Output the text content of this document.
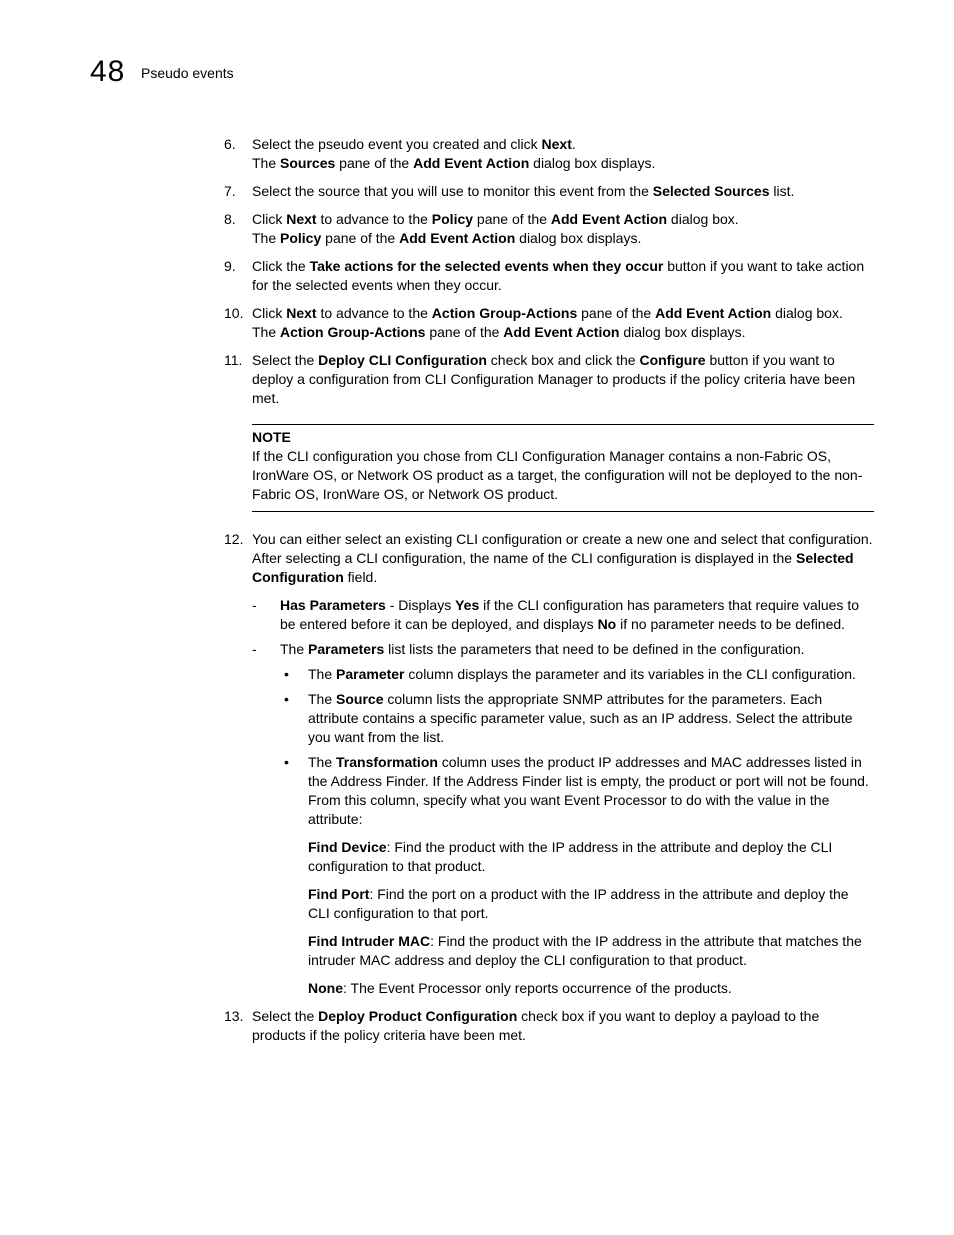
48 Pseudo events
6. Select the pseudo event you created and click Next.

The Sources pane of the Add Event Action dialog box displays.

7. Select the source that you will use to monitor this event from the Selected Sources list.

8. Click Next to advance to the Policy pane of the Add Event Action dialog box.

The Policy pane of the Add Event Action dialog box displays.

9. Click the Take actions for the selected events when they occur button if you want to take action for the selected events when they occur.

10. Click Next to advance to the Action Group-Actions pane of the Add Event Action dialog box.

The Action Group-Actions pane of the Add Event Action dialog box displays.

11. Select the Deploy CLI Configuration check box and click the Configure button if you want to deploy a configuration from CLI Configuration Manager to products if the policy criteria have been met.

NOTE
If the CLI configuration you chose from CLI Configuration Manager contains a non-Fabric OS, IronWare OS, or Network OS product as a target, the configuration will not be deployed to the non-Fabric OS, IronWare OS, or Network OS product.
12. You can either select an existing CLI configuration or create a new one and select that configuration. After selecting a CLI configuration, the name of the CLI configuration is displayed in the Selected Configuration field.

- Has Parameters - Displays Yes if the CLI configuration has parameters that require values to be entered before it can be deployed, and displays No if no parameter needs to be defined.
- The Parameters list lists the parameters that need to be defined in the configuration.
• The Parameter column displays the parameter and its variables in the CLI configuration.
• The Source column lists the appropriate SNMP attributes for the parameters. Each attribute contains a specific parameter value, such as an IP address. Select the attribute you want from the list.
• The Transformation column uses the product IP addresses and MAC addresses listed in the Address Finder. If the Address Finder list is empty, the product or port will not be found. From this column, specify what you want Event Processor to do with the value in the attribute:
Find Device: Find the product with the IP address in the attribute and deploy the CLI configuration to that product.
Find Port: Find the port on a product with the IP address in the attribute and deploy the CLI configuration to that port.
Find Intruder MAC: Find the product with the IP address in the attribute that matches the intruder MAC address and deploy the CLI configuration to that product.
None: The Event Processor only reports occurrence of the products.
13. Select the Deploy Product Configuration check box if you want to deploy a payload to the products if the policy criteria have been met.
